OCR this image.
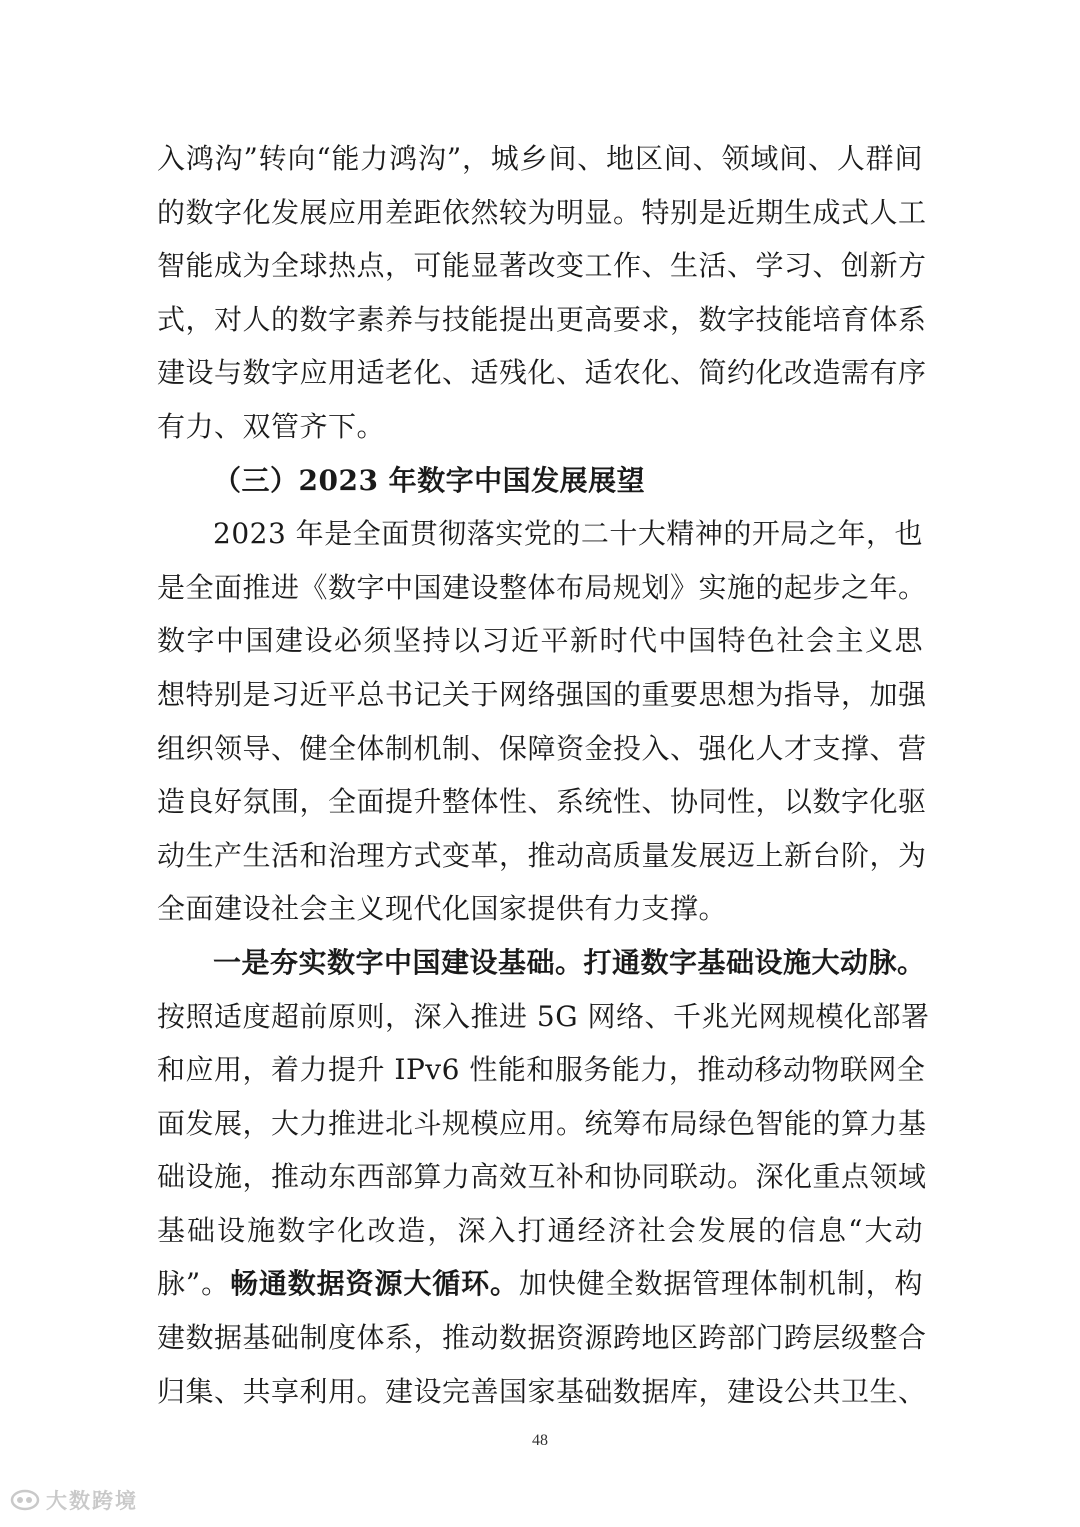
入鸿沟”转向“能力鸿沟”，城乡间、地区间、领域间、人群间
的数字化发展应用差距依然较为明显。特别是近期生成式人工
智能成为全球热点，可能显著改变工作、生活、学习、创新方
式，对人的数字素养与技能提出更高要求，数字技能培育体系
建设与数字应用适老化、适残化、适农化、简约化改造需有序
有力、双管齐下。
（三）2023 年数字中国发展展望
2023 年是全面贯彻落实党的二十大精神的开局之年，也
是全面推进《数字中国建设整体布局规划》实施的起步之年。
数字中国建设必须坚持以习近平新时代中国特色社会主义思
想特别是习近平总书记关于网络强国的重要思想为指导，加强
组织领导、健全体制机制、保障资金投入、强化人才支撑、营
造良好氛围，全面提升整体性、系统性、协同性，以数字化驱
动生产生活和治理方式变革，推动高质量发展迈上新台阶，为
全面建设社会主义现代化国家提供有力支撑。
一是夯实数字中国建设基础。打通数字基础设施大动脉。
按照适度超前原则，深入推进 5G 网络、千兆光网规模化部署
和应用，着力提升 IPv6 性能和服务能力，推动移动物联网全
面发展，大力推进北斗规模应用。统筹布局绿色智能的算力基
础设施，推动东西部算力高效互补和协同联动。深化重点领域
基础设施数字化改造，深入打通经济社会发展的信息“大动
脉”。畅通数据资源大循环。加快健全数据管理体制机制，构
建数据基础制度体系，推动数据资源跨地区跨部门跨层级整合
归集、共享利用。建设完善国家基础数据库，建设公共卫生、
48
大数跨境
